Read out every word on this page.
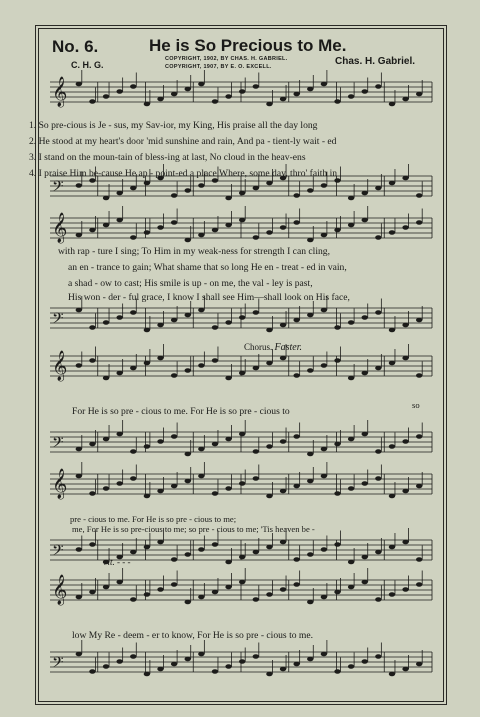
No. 6.	He is So Precious to Me.
C. H. G.
COPYRIGHT, 1902, BY CHAS. H. GABRIEL.
COPYRIGHT, 1907, BY E. O. EXCELL.	Chas. H. Gabriel.
𝄞
𝄢
𝄞
𝄢
𝄞
𝄢
𝄞
𝄢
𝄞
𝄢
1. So pre-cious is Je - sus, my Sav-ior, my King, His praise all the day long
2. He stood at my heart's door 'mid sunshine and rain, And pa - tient-ly wait - ed
3. I stand on the moun-tain of bless-ing at last, No cloud in the heav-ens
4. I praise Him be-cause He ap - point-ed a place Where, some day, thro' faith in
with rap - ture I sing; To Him in my weak-ness for strength I can cling,
an en - trance to gain; What shame that so long He en - treat - ed in vain,
a shad - ow to cast; His smile is up - on me, the val - ley is past,
His won - der - ful grace, I know I shall see Him—shall look on His face,
Chorus. Faster.
For He is so pre - cious to me. For He is so pre - cious to
so
pre - cious to me. For He is so pre - cious to me;
me, For He is so pre-cious to me; so pre - cious to me; 'Tis heaven be -
rit. - - -
low My Re - deem - er to know, For He is so pre - cious to me.
